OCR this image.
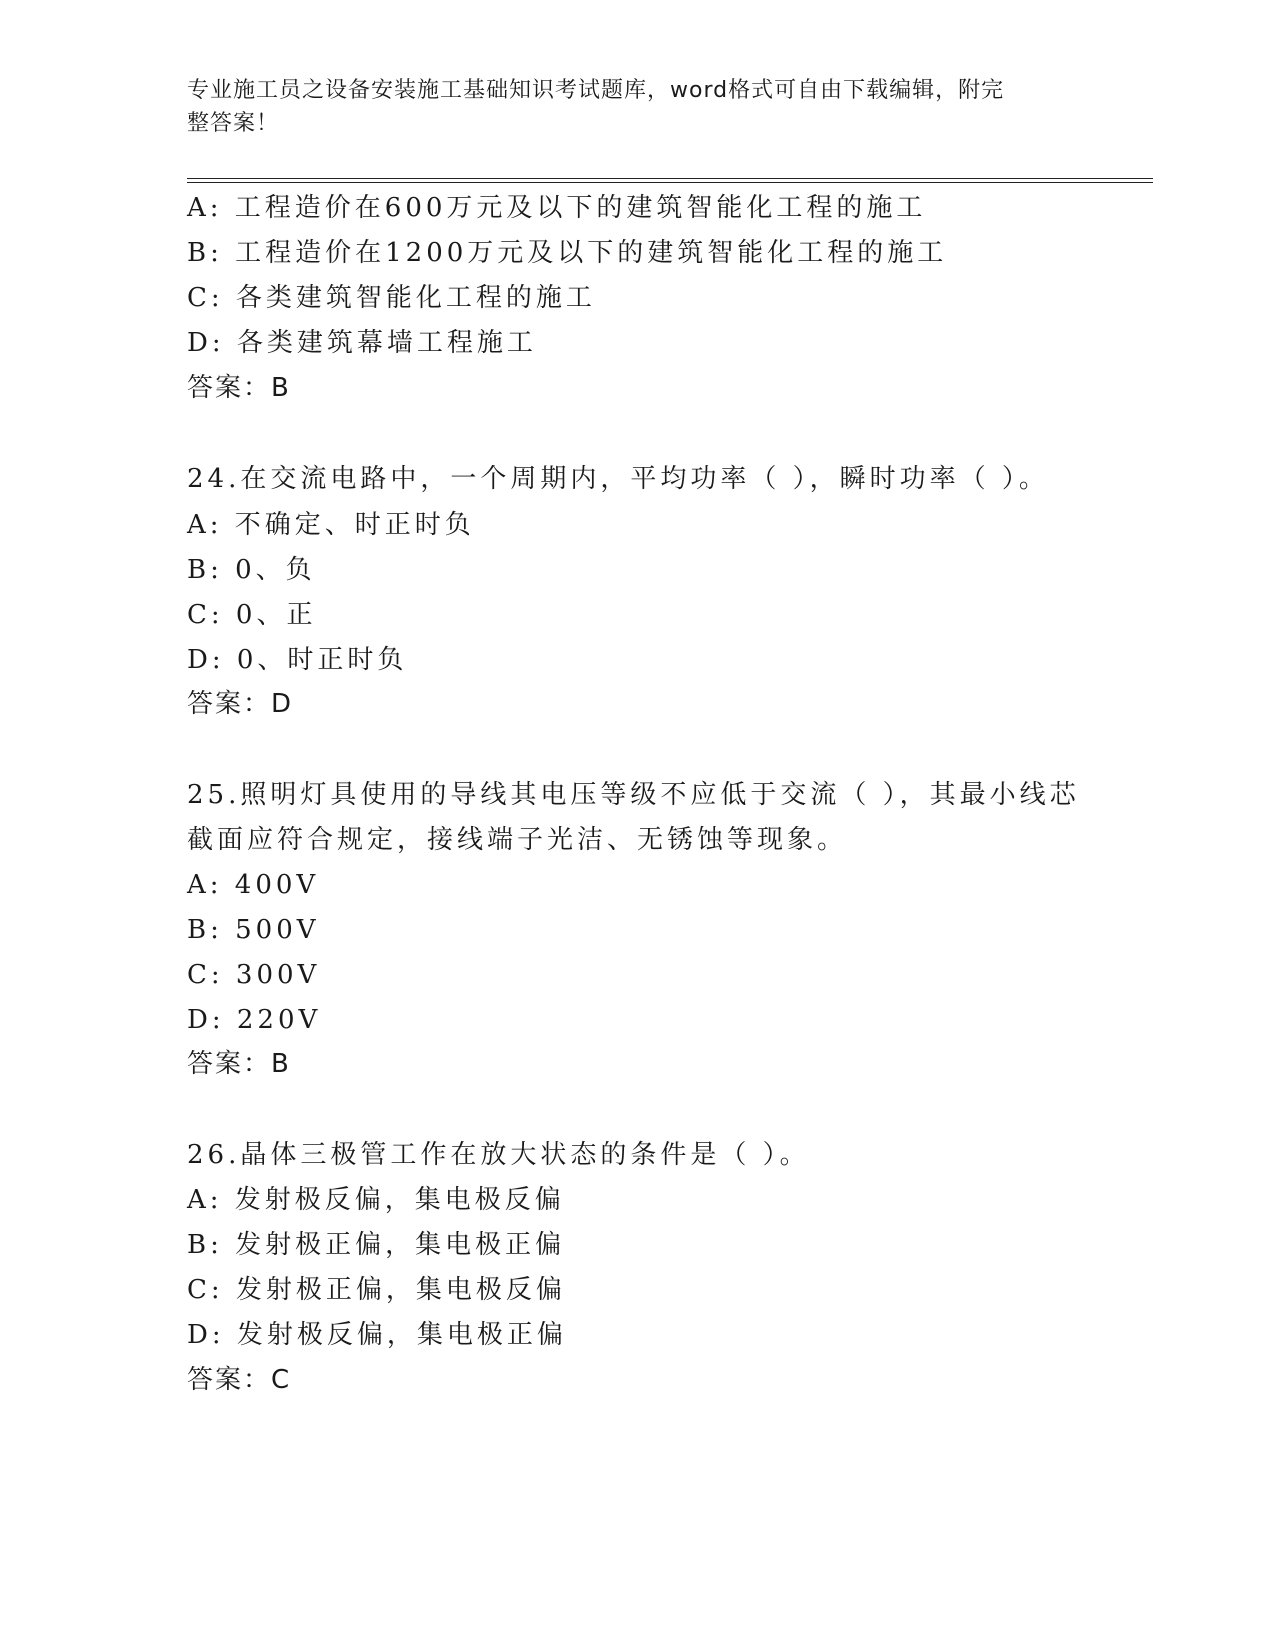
专业施工员之设备安装施工基础知识考试题库，word格式可自由下载编辑，附完
整答案！
A: 工程造价在600万元及以下的建筑智能化工程的施工
B: 工程造价在1200万元及以下的建筑智能化工程的施工
C: 各类建筑智能化工程的施工
D: 各类建筑幕墙工程施工
答案：B
24.在交流电路中，一个周期内，平均功率（ ），瞬时功率（ ）。
A: 不确定、时正时负
B: 0、负
C: 0、正
D: 0、时正时负
答案：D
25.照明灯具使用的导线其电压等级不应低于交流（ ），其最小线芯
截面应符合规定，接线端子光洁、无锈蚀等现象。
A: 400V
B: 500V
C: 300V
D: 220V
答案：B
26.晶体三极管工作在放大状态的条件是（ ）。
A: 发射极反偏，集电极反偏
B: 发射极正偏，集电极正偏
C: 发射极正偏，集电极反偏
D: 发射极反偏，集电极正偏
答案：C
